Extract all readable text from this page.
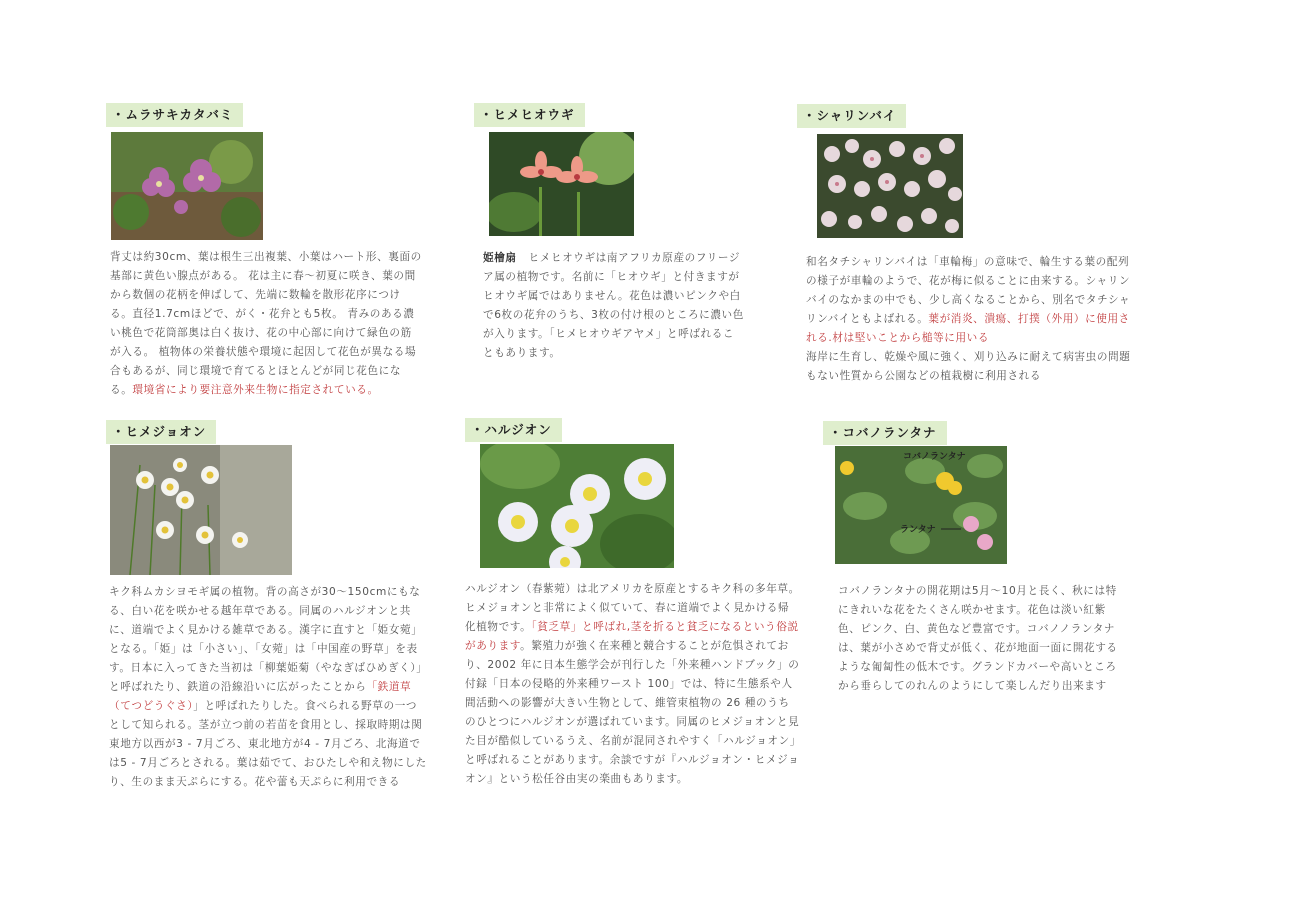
・ムラサキカタバミ
背丈は約30cm、葉は根生三出複葉、小葉はハート形、裏面の基部に黄色い腺点がある。 花は主に春～初夏に咲き、葉の間から数個の花柄を伸ばして、先端に数輪を散形花序につける。直径1.7cmほどで、がく・花弁とも5枚。 青みのある濃い桃色で花筒部奥は白く抜け、花の中心部に向けて緑色の筋が入る。 植物体の栄養状態や環境に起因して花色が異なる場合もあるが、同じ環境で育てるとほとんどが同じ花色になる。環境省により要注意外来生物に指定されている。
・ヒメヒオウギ
姫檜扇 ヒメヒオウギは南アフリカ原産のフリージア属の植物です。名前に「ヒオウギ」と付きますがヒオウギ属ではありません。花色は濃いピンクや白で6枚の花弁のうち、3枚の付け根のところに濃い色が入ります。「ヒメヒオウギアヤメ」と呼ばれることもあります。
・シャリンバイ
和名タチシャリンバイは「車輪梅」の意味で、輪生する葉の配列の様子が車輪のようで、花が梅に似ることに由来する。シャリンバイのなかまの中でも、少し高くなることから、別名でタチシャリンバイともよばれる。葉が消炎、潰瘍、打撲（外用）に使用される.材は堅いことから槌等に用いる
海岸に生育し、乾燥や風に強く、刈り込みに耐えて病害虫の問題もない性質から公園などの植栽樹に利用される
・ヒメジョオン
キク科ムカシヨモギ属の植物。背の高さが30～150cmにもなる、白い花を咲かせる越年草である。同属のハルジオンと共に、道端でよく見かける雑草である。漢字に直すと「姫女菀」となる。「姫」は「小さい」、「女菀」は「中国産の野草」を表す。日本に入ってきた当初は「柳葉姫菊（やなぎばひめぎく）」と呼ばれたり、鉄道の沿線沿いに広がったことから「鉄道草（てつどうぐさ）」と呼ばれたりした。食べられる野草の一つとして知られる。茎が立つ前の若苗を食用とし、採取時期は関東地方以西が3 - 7月ごろ、東北地方が4 - 7月ごろ、北海道では5 - 7月ごろとされる。葉は茹でて、おひたしや和え物にしたり、生のまま天ぷらにする。花や蕾も天ぷらに利用できる
・ハルジオン
ハルジオン（春紫菀）は北アメリカを原産とするキク科の多年草。ヒメジョオンと非常によく似ていて、春に道端でよく見かける帰化植物です。「貧乏草」と呼ばれ,茎を折ると貧乏になるという俗説があります。繁殖力が強く在来種と競合することが危惧されており、2002 年に日本生態学会が刊行した「外来種ハンドブック」の付録「日本の侵略的外来種ワースト 100」では、特に生態系や人間活動への影響が大きい生物として、維管束植物の 26 種のうちのひとつにハルジオンが選ばれています。同属のヒメジョオンと見た目が酷似しているうえ、名前が混同されやすく「ハルジョオン」と呼ばれることがあります。余談ですが『ハルジョオン・ヒメジョオン』という松任谷由実の楽曲もあります。
・コバノランタナ
コバノランタナ
ランタナ
コバノランタナの開花期は5月～10月と長く、秋には特にきれいな花をたくさん咲かせます。花色は淡い紅紫色、ピンク、白、黄色など豊富です。コバノノランタナは、葉が小さめで背丈が低く、花が地面一面に開花するような匍匐性の低木です。グランドカバーや高いところから垂らしてのれんのようにして楽しんだり出来ます
